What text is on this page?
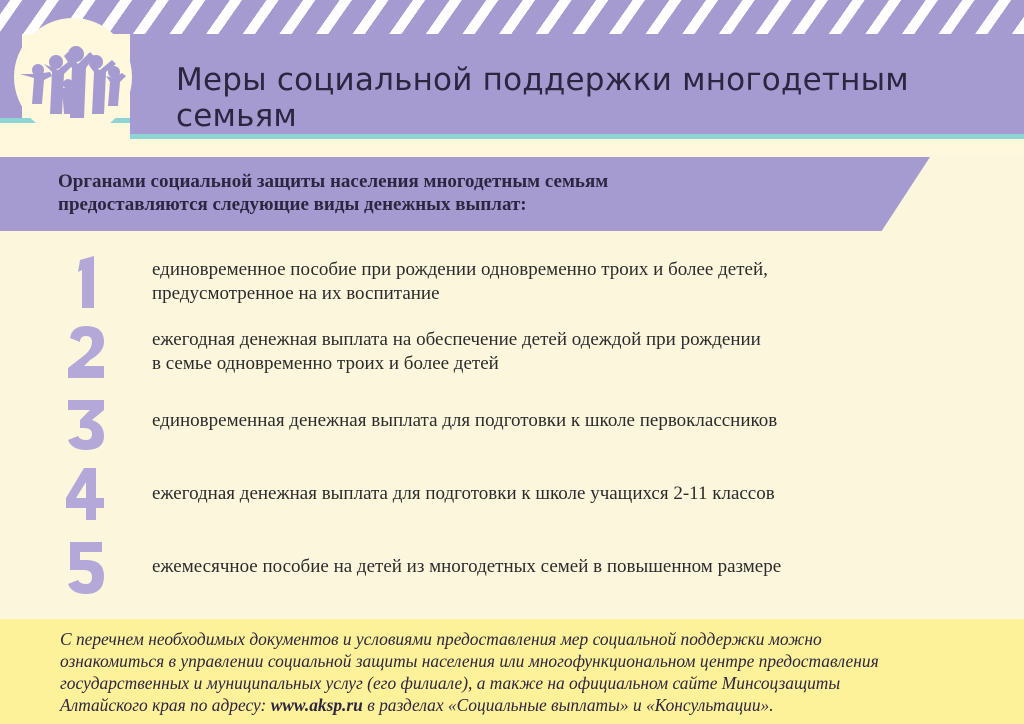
Меры социальной поддержки многодетным семьям
Органами социальной защиты населения многодетным семьям
предоставляются следующие виды денежных выплат:
единовременное пособие при рождении одновременно троих и более детей,
предусмотренное на их воспитание
ежегодная денежная выплата на обеспечение детей одеждой при рождении
в семье одновременно троих и более детей
единовременная денежная выплата для подготовки к школе первоклассников
ежегодная денежная выплата для подготовки к школе учащихся 2-11 классов
ежемесячное пособие на детей из многодетных семей в повышенном размере
С перечнем необходимых документов и условиями предоставления мер социальной поддержки можно
ознакомиться в управлении социальной защиты населения или многофункциональном центре предоставления
государственных и муниципальных услуг (его филиале), а также на официальном сайте Минсоцзащиты
Алтайского края по адресу: www.aksp.ru в разделах «Социальные выплаты» и «Консультации».
